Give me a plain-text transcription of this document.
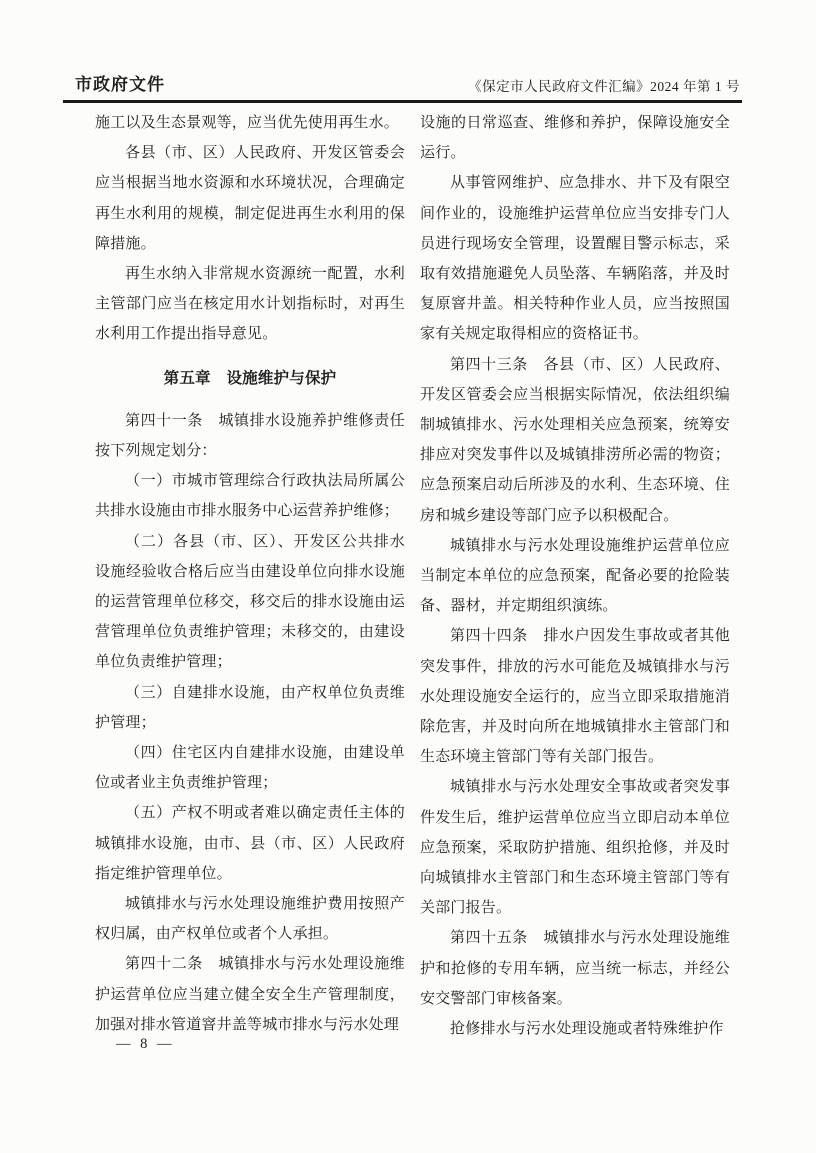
市政府文件	《保定市人民政府文件汇编》2024 年第 1 号

施工以及生态景观等，应当优先使用再生水。

各县（市、区）人民政府、开发区管委会应当根据当地水资源和水环境状况，合理确定再生水利用的规模，制定促进再生水利用的保障措施。

再生水纳入非常规水资源统一配置，水利主管部门应当在核定用水计划指标时，对再生水利用工作提出指导意见。

第五章　设施维护与保护

第四十一条　城镇排水设施养护维修责任按下列规定划分：

（一）市城市管理综合行政执法局所属公共排水设施由市排水服务中心运营养护维修；

（二）各县（市、区）、开发区公共排水设施经验收合格后应当由建设单位向排水设施的运营管理单位移交，移交后的排水设施由运营管理单位负责维护管理；未移交的，由建设单位负责维护管理；

（三）自建排水设施，由产权单位负责维护管理；

（四）住宅区内自建排水设施，由建设单位或者业主负责维护管理；

（五）产权不明或者难以确定责任主体的城镇排水设施，由市、县（市、区）人民政府指定维护管理单位。

城镇排水与污水处理设施维护费用按照产权归属，由产权单位或者个人承担。

第四十二条　城镇排水与污水处理设施维护运营单位应当建立健全安全生产管理制度，加强对排水管道窨井盖等城市排水与污水处理

设施的日常巡查、维修和养护，保障设施安全运行。

从事管网维护、应急排水、井下及有限空间作业的，设施维护运营单位应当安排专门人员进行现场安全管理，设置醒目警示标志，采取有效措施避免人员坠落、车辆陷落，并及时复原窨井盖。相关特种作业人员，应当按照国家有关规定取得相应的资格证书。

第四十三条　各县（市、区）人民政府、开发区管委会应当根据实际情况，依法组织编制城镇排水、污水处理相关应急预案，统筹安排应对突发事件以及城镇排涝所必需的物资；应急预案启动后所涉及的水利、生态环境、住房和城乡建设等部门应予以积极配合。

城镇排水与污水处理设施维护运营单位应当制定本单位的应急预案，配备必要的抢险装备、器材，并定期组织演练。

第四十四条　排水户因发生事故或者其他突发事件，排放的污水可能危及城镇排水与污水处理设施安全运行的，应当立即采取措施消除危害，并及时向所在地城镇排水主管部门和生态环境主管部门等有关部门报告。

城镇排水与污水处理安全事故或者突发事件发生后，维护运营单位应当立即启动本单位应急预案，采取防护措施、组织抢修，并及时向城镇排水主管部门和生态环境主管部门等有关部门报告。

第四十五条　城镇排水与污水处理设施维护和抢修的专用车辆，应当统一标志，并经公安交警部门审核备案。

抢修排水与污水处理设施或者特殊维护作

— 8 —
